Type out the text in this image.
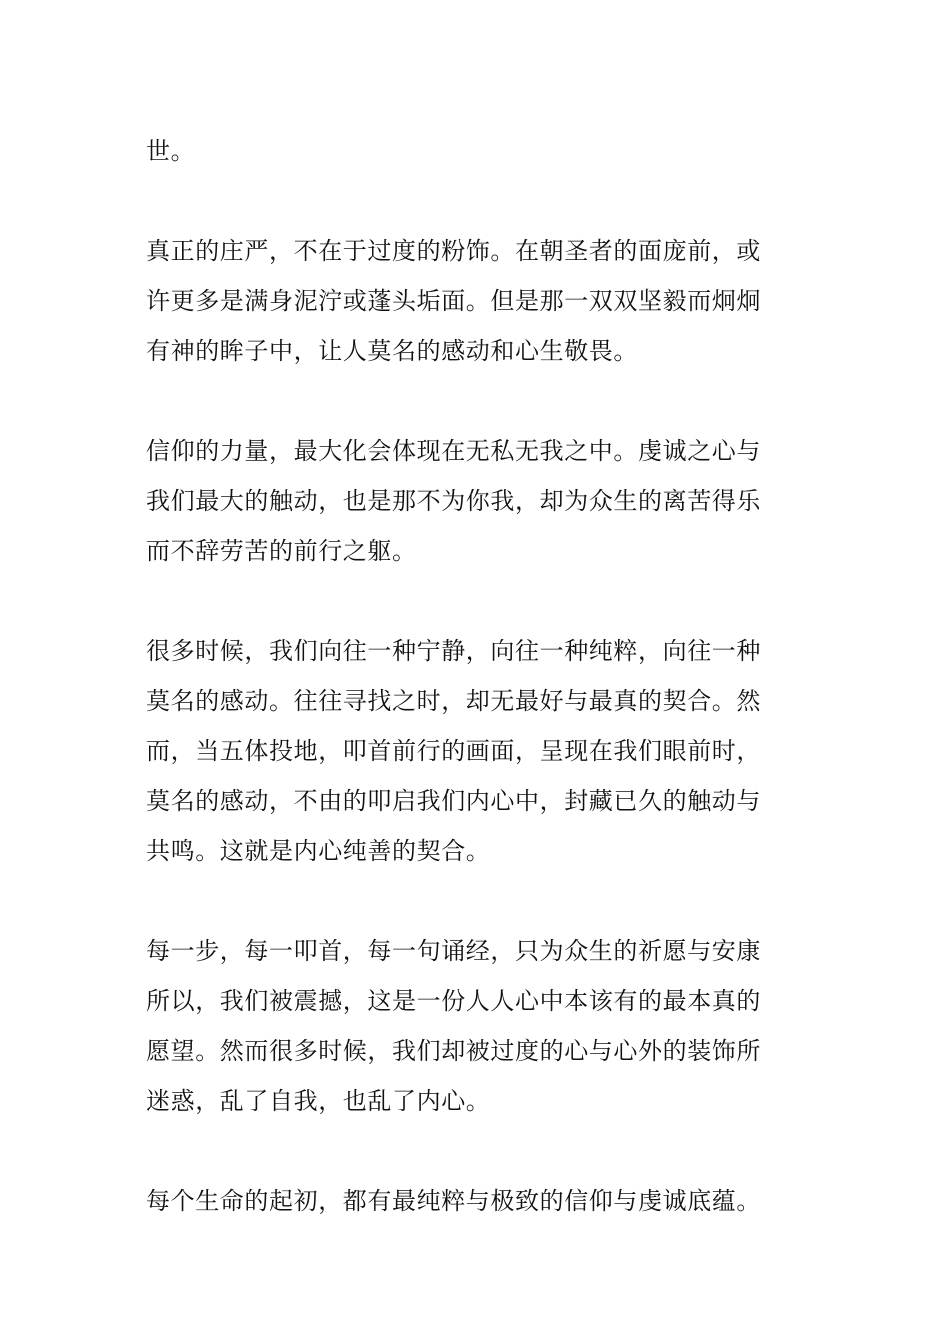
世。
真正的庄严，不在于过度的粉饰。在朝圣者的面庞前，或
许更多是满身泥泞或蓬头垢面。但是那一双双坚毅而炯炯
有神的眸子中，让人莫名的感动和心生敬畏。
信仰的力量，最大化会体现在无私无我之中。虔诚之心与
我们最大的触动，也是那不为你我，却为众生的离苦得乐
而不辞劳苦的前行之躯。
很多时候，我们向往一种宁静，向往一种纯粹，向往一种
莫名的感动。往往寻找之时，却无最好与最真的契合。然
而，当五体投地，叩首前行的画面，呈现在我们眼前时，
莫名的感动，不由的叩启我们内心中，封藏已久的触动与
共鸣。这就是内心纯善的契合。
每一步，每一叩首，每一句诵经，只为众生的祈愿与安康
所以，我们被震撼，这是一份人人心中本该有的最本真的
愿望。然而很多时候，我们却被过度的心与心外的装饰所
迷惑，乱了自我，也乱了内心。
每个生命的起初，都有最纯粹与极致的信仰与虔诚底蕴。
